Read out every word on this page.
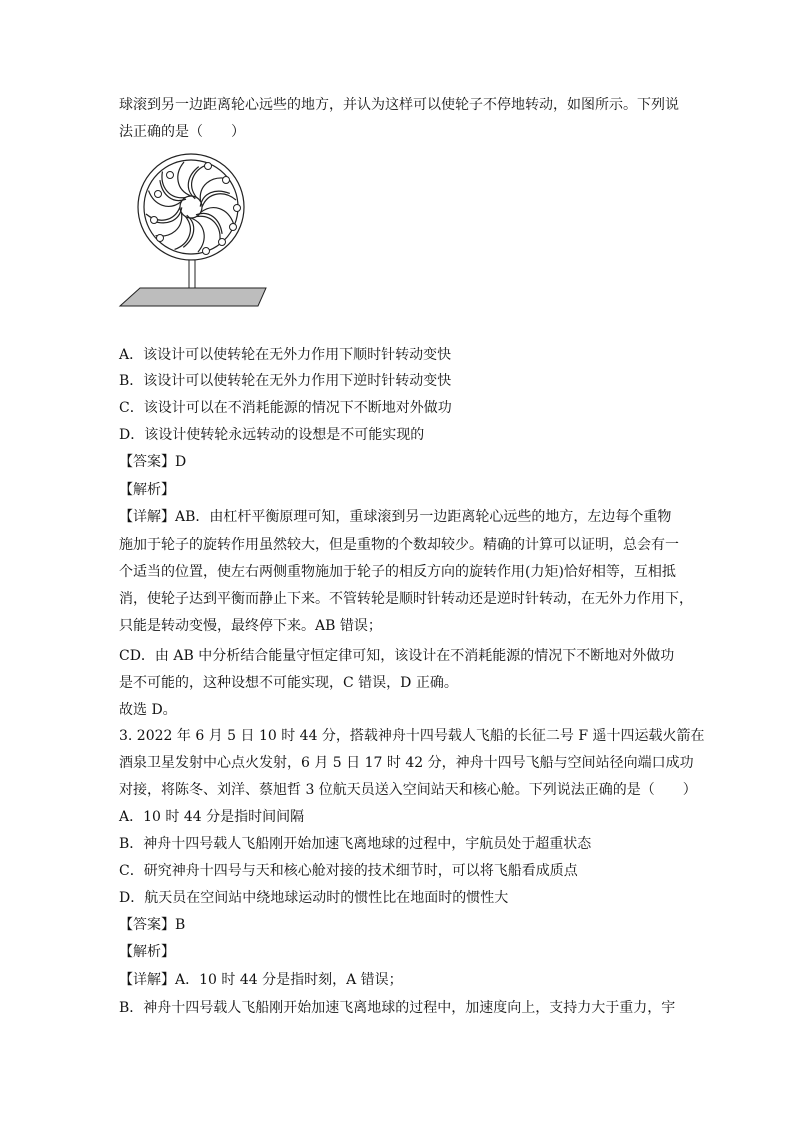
球滚到另一边距离轮心远些的地方，并认为这样可以使轮子不停地转动，如图所示。下列说
法正确的是（　　）
A．该设计可以使转轮在无外力作用下顺时针转动变快
B．该设计可以使转轮在无外力作用下逆时针转动变快
C．该设计可以在不消耗能源的情况下不断地对外做功
D．该设计使转轮永远转动的设想是不可能实现的
【答案】D
【解析】
【详解】AB．由杠杆平衡原理可知，重球滚到另一边距离轮心远些的地方，左边每个重物
施加于轮子的旋转作用虽然较大，但是重物的个数却较少。精确的计算可以证明，总会有一
个适当的位置，使左右两侧重物施加于轮子的相反方向的旋转作用(力矩)恰好相等，互相抵
消，使轮子达到平衡而静止下来。不管转轮是顺时针转动还是逆时针转动，在无外力作用下，
只能是转动变慢，最终停下来。AB 错误；
CD．由 AB 中分析结合能量守恒定律可知，该设计在不消耗能源的情况下不断地对外做功
是不可能的，这种设想不可能实现，C 错误，D 正确。
故选 D。
3. 2022 年 6 月 5 日 10 时 44 分，搭载神舟十四号载人飞船的长征二号 F 遥十四运载火箭在
酒泉卫星发射中心点火发射，6 月 5 日 17 时 42 分，神舟十四号飞船与空间站径向端口成功
对接，将陈冬、刘洋、蔡旭哲 3 位航天员送入空间站天和核心舱。下列说法正确的是（　　）
A．10 时 44 分是指时间间隔
B．神舟十四号载人飞船刚开始加速飞离地球的过程中，宇航员处于超重状态
C．研究神舟十四号与天和核心舱对接的技术细节时，可以将飞船看成质点
D．航天员在空间站中绕地球运动时的惯性比在地面时的惯性大
【答案】B
【解析】
【详解】A．10 时 44 分是指时刻，A 错误；
B．神舟十四号载人飞船刚开始加速飞离地球的过程中，加速度向上，支持力大于重力，宇
